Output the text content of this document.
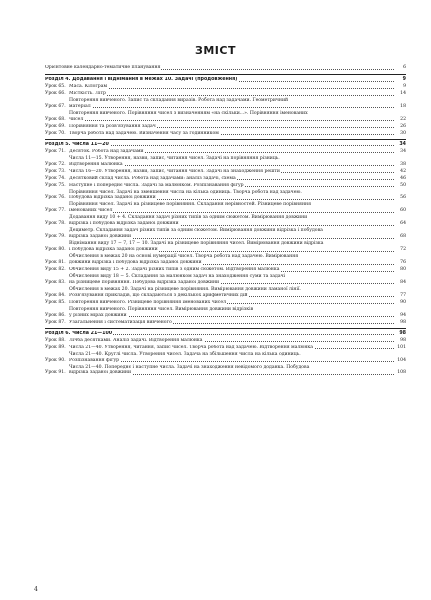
ЗМІСТ
Орієнтовне календарно-тематичне планування	6
Розділ 4. Додавання і віднімання в межах 10. Задачі (продовження)	9
Урок 65. Маса. Кілограм	9
Урок 66. Місткість. Літр	14
Урок 67.
Повторення вивченого. Запис та складання виразів. Робота над задачами. Геометричний
матеріал	18
Урок 68.
Повторення вивченого. Порівняння чисел з визначенням «на скільки...». Порівняння іменованих
чисел	22
Урок 69. Порівняння та розв'язування задач	26
Урок 70. Творча робота над задачею. Визначення часу за годинником	30
Розділ 5. Числа 11—20	34
Урок 71. Десяток. Робота над задачами	34
Урок 72.
Числа 11—15. Утворення, назви, запис, читання чисел. Задачі на порівняння різниць.
Відтворення малюнка	38
Урок 73. Числа 16—20. Утворення, назви, запис, читання чисел. Задачі на знаходження решти	42
Урок 74. Десятковий склад числа. Робота над задачами: аналіз задачі, схема	46
Урок 75. Наступне і попереднє числа. Задачі за малюнком. Розпізнавання фігур	50
Урок 76.
Порівняння чисел. Задачі на зменшення числа на кілька одиниць. Творча робота над задачею.
Побудова відрізка заданої довжини	56
Урок 77.
Порівняння чисел. Задачі на різницеве порівняння. Складання нерівностей. Різницеве порівняння
іменованих чисел	60
Урок 78.
Додавання виду 10 + 4. Складання задач різних типів за одним сюжетом. Вимірювання довжини
відрізка і побудова відрізка заданої довжини	64
Урок 79.
Дециметр. Складання задач різних типів за одним сюжетом. Вимірювання довжини відрізка і побудова
відрізка заданої довжини	68
Урок 80.
Віднімання виду 17 − 7, 17 − 10. Задачі на різницеве порівняння чисел. Вимірювання довжини відрізка
і побудова відрізка заданої довжини	72
Урок 81.
Обчислення в межах 20 на основі нумерації чисел. Творча робота над задачею. Вимірювання
довжини відрізка і побудова відрізка заданої довжини	76
Урок 82. Обчислення виду 15 + 2. Задачі різних типів з одним сюжетом. Відтворення малюнка	80
Урок 83.
Обчислення виду 18 − 5. Складання за малюнком задач на знаходження суми та задачі
на різницеве порівняння. Побудова відрізка заданої довжини	84
Урок 84.
Обчислення в межах 20. Задачі на різницеве порівняння. Вимірювання довжини ламаної лінії.
Розв'язування прикладів, що складаються з декількох арифметичних дій	77
Урок 85. Повторення вивченого. Різницеве порівняння іменованих чисел	90
Урок 86.
Повторення вивченого. Порівняння чисел. Вимірювання довжини відрізків
у різних мірах довжини	94
Урок 87. Узагальнення і систематизація вивченого	98
Розділ 6. Числа 21—100	98
Урок 88. Лічба десятками. Аналіз задачі. Відтворення малюнка	98
Урок 89. Числа 21—40. Утворення, читання, запис чисел. Творча робота над задачею. Відтворення малюнка	101
Урок 90.
Числа 21—40. Круглі числа. Утворення чисел. Задача на збільшення числа на кілька одиниць.
Розпізнавання фігур	104
Урок 91.
Числа 21—40. Попереднє і наступне числа. Задачі на знаходження невідомого доданка. Побудова
відрізка заданої довжини	108
4
